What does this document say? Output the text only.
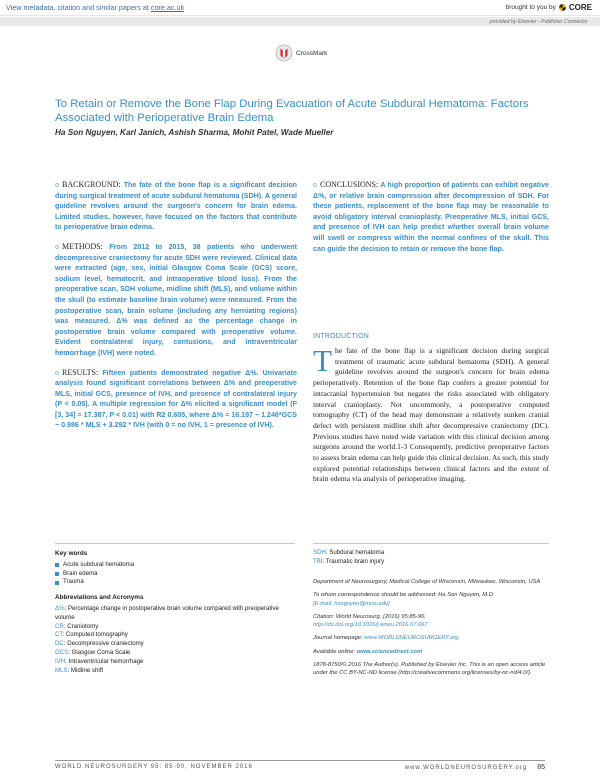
View metadata, citation and similar papers at core.ac.uk	brought to you by CORE
provided by Elsevier - Publisher Connector
CrossMark
To Retain or Remove the Bone Flap During Evacuation of Acute Subdural Hematoma: Factors Associated with Perioperative Brain Edema
Ha Son Nguyen, Karl Janich, Ashish Sharma, Mohit Patel, Wade Mueller

BACKGROUND: The fate of the bone flap is a significant decision during surgical treatment of acute subdural hematoma (SDH). A general guideline revolves around the surgeon's concern for brain edema. Limited studies, however, have focused on the factors that contribute to perioperative brain edema.

METHODS: From 2012 to 2015, 38 patients who underwent decompressive craniectomy for acute SDH were reviewed. Clinical data were extracted (age, sex, initial Glasgow Coma Scale (GCS) score, sodium level, hematocrit, and intraoperative blood loss). From the preoperative scan, SDH volume, midline shift (MLS), and volume within the skull (to estimate baseline brain volume) were measured. From the postoperative scan, brain volume (including any herniating regions) was measured. Δ% was defined as the percentage change in postoperative brain volume compared with preoperative volume. Evident contralateral injury, contusions, and intraventricular hemorrhage (IVH) were noted.

RESULTS: Fifteen patients demonstrated negative Δ%. Univariate analysis found significant correlations between Δ% and preoperative MLS, initial GCS, presence of IVH, and presence of contralateral injury (P < 0.05). A multiple regression for Δ% elicited a significant model (F [3, 34] = 17.387, P < 0.01) with R2 0.605, where Δ% = 16.197 − 1.246*GCS − 0.986 * MLS + 3.292 * IVH (with 0 = no IVH, 1 = presence of IVH).

CONCLUSIONS: A high proportion of patients can exhibit negative Δ%, or relative brain compression after decompression of SDH. For these patients, replacement of the bone flap may be reasonable to avoid obligatory interval cranioplasty. Preoperative MLS, initial GCS, and presence of IVH can help predict whether overall brain volume will swell or compress within the normal confines of the skull. This can guide the decision to retain or remove the bone flap.

INTRODUCTION
The fate of the bone flap is a significant decision during surgical treatment of traumatic acute subdural hematoma (SDH). A general guideline revolves around the surgeon's concern for brain edema perioperatively. Retention of the bone flap confers a greater potential for intracranial hypertension but negates the risks associated with obligatory interval cranioplasty. Not uncommonly, a postoperative computed tomography (CT) of the head may demonstrate a relatively sunken cranial defect with persistent midline shift after decompressive craniectomy (DC). Previous studies have noted wide variation with this clinical decision among surgeons around the world.1-3 Consequently, predictive preoperative factors to assess brain edema can help guide this clinical decision. As such, this study explored potential relationships between clinical factors and the extent of brain edema via analysis of perioperative imaging.
Key words
Acute subdural hematoma
Brain edema
Trauma
Abbreviations and Acronyms
Δ%: Percentage change in postoperative brain volume compared with preoperative volume
CR: Craniotomy
CT: Computed tomography
DC: Decompressive craniectomy
GCS: Glasgow Coma Scale
IVH: Intraventricular hemorrhage
MLS: Midline shift
SDH: Subdural hematoma
TBI: Traumatic brain injury

Department of Neurosurgery, Medical College of Wisconsin, Milwaukee, Wisconsin, USA

To whom correspondence should be addressed: Ha Son Nguyen, M.D.
[E-mail: hsnguyen@mcw.edu]

Citation: World Neurosurg. (2016) 95:85-90.
http://dx.doi.org/10.1016/j.wneu.2016.07.067

Journal homepage: www.WORLDNEUROSURGERY.org

Available online: www.sciencedirect.com

1878-8750/© 2016 The Author(s). Published by Elsevier Inc. This is an open access article under the CC BY-NC-ND license (http://creativecommons.org/licenses/by-nc-nd/4.0/).

WORLD NEUROSURGERY 95: 85-90, NOVEMBER 2016	www.WORLDNEUROSURGERY.org 85
